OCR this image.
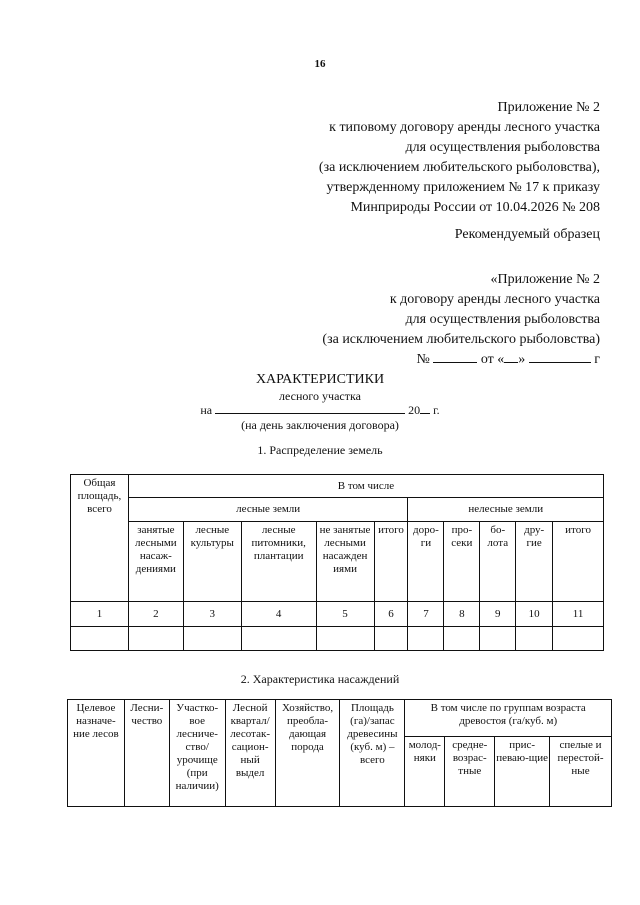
16
Приложение № 2
к типовому договору аренды лесного участка
для осуществления рыболовства
(за исключением любительского рыболовства),
утвержденному приложением № 17 к приказу
Минприроды России от 10.04.2026 № 208
Рекомендуемый образец
«Приложение № 2
к договору аренды лесного участка
для осуществления рыболовства
(за исключением любительского рыболовства)
№	от « »	г
ХАРАКТЕРИСТИКИ
лесного участка
на	20 г.
(на день заключения договора)
1. Распределение земель
Общая площадь, всего	В том числе									
	лесные земли					нелесные земли				
	занятые лесными насаж-дениями	лесные культуры	лесные питомники, плантации	не занятые лесными насажден иями	итого	доро-ги	про-секи	бо-лота	дру-гие	итого
1	2	3	4	5	6	7	8	9	10	11

2. Характеристика насаждений
Целевое назначе-ние лесов	Лесни-чество	Участко-вое лесниче-ство/ урочище (при наличии)	Лесной квартал/ лесотак-сацион-ный выдел	Хозяйство, преобла-дающая порода	Площадь (га)/запас древесины (куб. м) – всего	В том числе по группам возраста древостоя (га/куб. м)			
						молод-няки	средне-возрас-тные	прис-певаю-щие	спелые и перестой-ные
